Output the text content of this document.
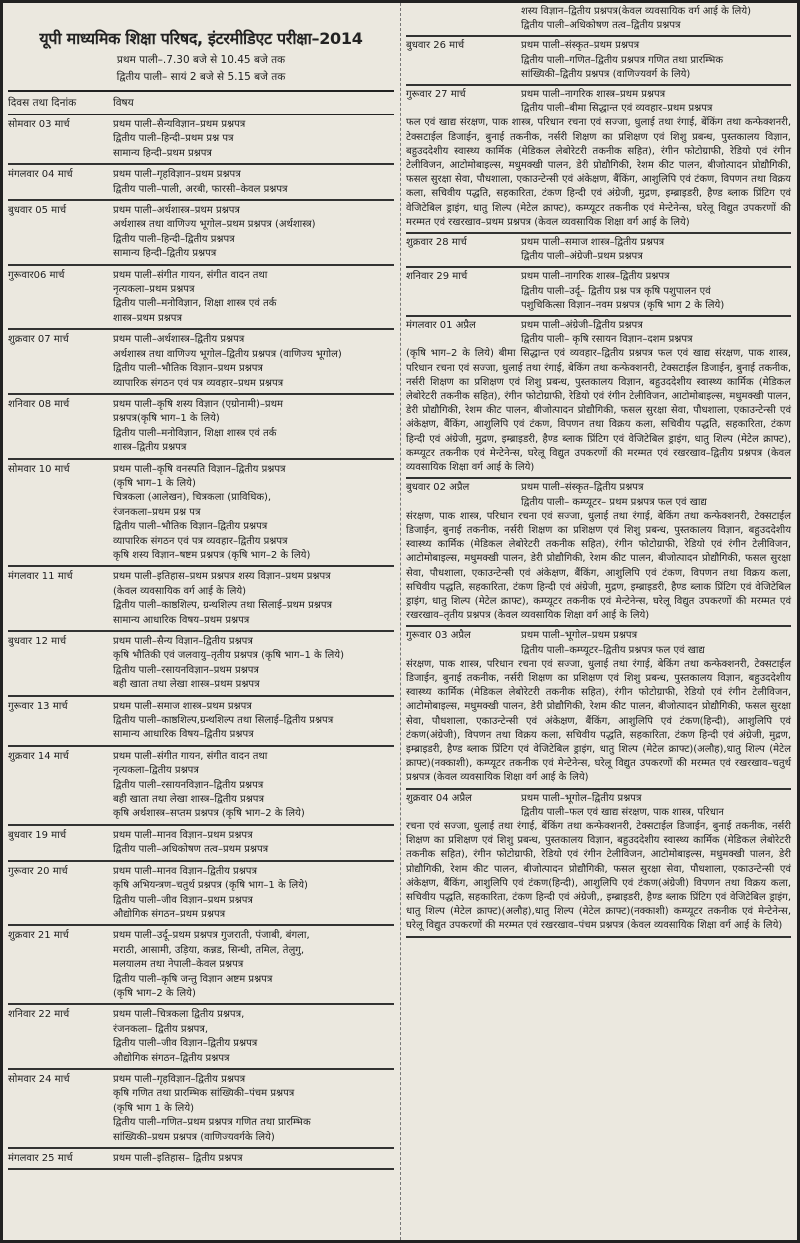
यूपी माध्यमिक शिक्षा परिषद, इंटरमीडिएट परीक्षा–2014
प्रथम पाली–.7.30 बजे से 10.45 बजे तक
द्वितीय पाली– सायं 2 बजे से 5.15 बजे तक
दिवस तथा दिनांक	विषय
सोमवार 03 मार्च	प्रथम पाली–सैन्यविज्ञान–प्रथम प्रश्नपत्र
द्वितीय पाली–हिन्दी–प्रथम प्रश्न पत्र
सामान्य हिन्दी–प्रथम प्रश्नपत्र
मंगलवार 04 मार्च	प्रथम पाली–गृहविज्ञान–प्रथम प्रश्नपत्र
द्वितीय पाली–पाली, अरबी, फारसी–केवल प्रश्नपत्र
बुधवार 05 मार्च	प्रथम पाली–अर्थशास्त्र–प्रथम प्रश्नपत्र
अर्थशास्त्र तथा वाणिज्य भूगोल–प्रथम प्रश्नपत्र (अर्थशास्त्र)
द्वितीय पाली–हिन्दी–द्वितीय प्रश्नपत्र
सामान्य हिन्दी–द्वितीय प्रश्नपत्र
गुरूवार06 मार्च	प्रथम पाली–संगीत गायन, संगीत वादन तथा
नृत्यकला–प्रथम प्रश्नपत्र
द्वितीय पाली–मनोविज्ञान, शिक्षा शास्त्र एवं तर्क
शास्त्र–प्रथम प्रश्नपत्र
शुक्रवार 07 मार्च	प्रथम पाली–अर्थशास्त्र–द्वितीय प्रश्नपत्र
अर्थशास्त्र तथा वाणिज्य भूगोल–द्वितीय प्रश्नपत्र (वाणिज्य भूगोल)
द्वितीय पाली–भौतिक विज्ञान–प्रथम प्रश्नपत्र
व्यापारिक संगठन एवं पत्र व्यवहार–प्रथम प्रश्नपत्र
शनिवार 08 मार्च	प्रथम पाली–कृषि शस्य विज्ञान (एग्रोनामी)–प्रथम
प्रश्नपत्र(कृषि भाग–1 के लिये)
द्वितीय पाली–मनोविज्ञान, शिक्षा शास्त्र एवं तर्क
शास्त्र–द्वितीय प्रश्नपत्र
सोमवार 10 मार्च	प्रथम पाली–कृषि वनस्पति विज्ञान–द्वितीय प्रश्नपत्र
(कृषि भाग–1 के लिये)
चित्रकला (आलेखन), चित्रकला (प्राविधिक),
रंजनकला–प्रथम प्रश्न पत्र
द्वितीय पाली–भौतिक विज्ञान–द्वितीय प्रश्नपत्र
व्यापारिक संगठन एवं पत्र व्यवहार–द्वितीय प्रश्नपत्र
कृषि शस्य विज्ञान–षष्टम प्रश्नपत्र (कृषि भाग–2 के लिये)
मंगलवार 11 मार्च	प्रथम पाली–इतिहास–प्रथम प्रश्नपत्र शस्य विज्ञान–प्रथम प्रश्नपत्र
(केवल व्यवसायिक वर्ग आई के लिये)
द्वितीय पाली–काष्ठशिल्प, ग्रन्थशिल्प तथा सिलाई–प्रथम प्रश्नपत्र
सामान्य आधारिक विषय–प्रथम प्रश्नपत्र
बुधवार 12 मार्च	प्रथम पाली–सैन्य विज्ञान–द्वितीय प्रश्नपत्र
कृषि भौतिकी एवं जलवायु–तृतीय प्रश्नपत्र (कृषि भाग–1 के लिये)
द्वितीय पाली–रसायनविज्ञान–प्रथम प्रश्नपत्र
बही खाता तथा लेखा शास्त्र–प्रथम प्रश्नपत्र
गुरूवार 13 मार्च	प्रथम पाली–समाज शास्त्र–प्रथम प्रश्नपत्र
द्वितीय पाली–काष्ठशिल्प,ग्रन्थशिल्प तथा सिलाई–द्वितीय प्रश्नपत्र
सामान्य आधारिक विषय–द्वितीय प्रश्नपत्र
शुक्रवार 14 मार्च	प्रथम पाली–संगीत गायन, संगीत वादन तथा
नृत्यकला–द्वितीय प्रश्नपत्र
द्वितीय पाली–रसायनविज्ञान–द्वितीय प्रश्नपत्र
बही खाता तथा लेखा शास्त्र–द्वितीय प्रश्नपत्र
कृषि अर्थशास्त्र–सप्तम प्रश्नपत्र (कृषि भाग–2 के लिये)
बुधवार 19 मार्च	प्रथम पाली–मानव विज्ञान–प्रथम प्रश्नपत्र
द्वितीय पाली–अधिकोषण तत्व–प्रथम प्रश्नपत्र
गुरूवार 20 मार्च	प्रथम पाली–मानव विज्ञान–द्वितीय प्रश्नपत्र
कृषि अभियन्त्रण–चतुर्थ प्रश्नपत्र (कृषि भाग–1 के लिये)
द्वितीय पाली–जीव विज्ञान–प्रथम प्रश्नपत्र
औद्योगिक संगठन–प्रथम प्रश्नपत्र
शुक्रवार 21 मार्च	प्रथम पाली–उर्दू–प्रथम प्रश्नपत्र गुजराती, पंजाबी, बंगला,
मराठी, आसामी, उड़िया, कन्नड, सिन्धी, तमिल, तेलुगु,
मलयालम तथा नेपाली–केवल प्रश्नपत्र
द्वितीय पाली–कृषि जन्तु विज्ञान अष्टम प्रश्नपत्र
(कृषि भाग–2 के लिये)
शनिवार 22 मार्च	प्रथम पाली–चित्रकला द्वितीय प्रश्नपत्र,
रंजनकला– द्वितीय प्रश्नपत्र,
द्वितीय पाली–जीव विज्ञान–द्वितीय प्रश्नपत्र
औद्योगिक संगठन–द्वितीय प्रश्नपत्र
सोमवार 24 मार्च	प्रथम पाली–गृहविज्ञान–द्वितीय प्रश्नपत्र
कृषि गणित तथा प्रारम्भिक सांख्यिकी–पंचम प्रश्नपत्र
(कृषि भाग 1 के लिये)
द्वितीय पाली–गणित–प्रथम प्रश्नपत्र गणित तथा प्रारम्भिक
सांख्यिकी–प्रथम प्रश्नपत्र (वाणिज्यवर्गके लिये)
मंगलवार 25 मार्च	प्रथम पाली–इतिहास– द्वितीय प्रश्नपत्र
शस्य विज्ञान–द्वितीय प्रश्नपत्र(केवल व्यवसायिक वर्ग आई के लिये)
द्वितीय पाली–अधिकोषण तत्व–द्वितीय प्रश्नपत्र
बुधवार 26 मार्च	प्रथम पाली–संस्कृत–प्रथम प्रश्नपत्र
द्वितीय पाली–गणित–द्वितीय प्रश्नपत्र गणित तथा प्रारम्भिक
सांख्यिकी–द्वितीय प्रश्नपत्र (वाणिज्यवर्ग के लिये)
गुरूवार 27 मार्च	प्रथम पाली–नागरिक शास्त्र–प्रथम प्रश्नपत्र
द्वितीय पाली–बीमा सिद्धान्त एवं व्यवहार–प्रथम प्रश्नपत्र
फल एवं खाद्य संरक्षण, पाक शास्त्र, परिधान रचना एवं सज्जा, धुलाई तथा रंगाई, बेंकिंग तथा कन्फेक्शनरी, टेक्सटाईल डिजाईन, बुनाई तकनीक, नर्सरी शिक्षण का प्रशिक्षण एवं शिशु प्रबन्ध, पुस्तकालय विज्ञान, बहुउददेशीय स्वास्थ्य कार्मिक (मेडिकल लेबोरेटरी तकनीक सहित), रंगीन फोटोग्राफी, रेडियो एवं रंगीन टेलीविजन, आटोमोबाइल्स, मधुमक्खी पालन, डेरी प्रोद्यौगिकी, रेशम कीट पालन, बीजोत्पादन प्रोद्यौगिकी, फसल सुरक्षा सेवा, पौधशाला, एकाउन्टेन्सी एवं अंकेक्षण, बैंकिंग, आशुलिपि एवं टंकण, विपणन तथा विक्रय कला, सचिवीय पद्धति, सहकारिता, टंकण हिन्दी एवं अंग्रेजी, मुद्रण, इम्ब्राइडरी, हैण्ड ब्लाक प्रिंटिग एवं वेजिटेबिल ड्राइंग, धातु शिल्प (मेटेल क्राफ्ट), कम्प्यूटर तकनीक एवं मेन्टेनेन्स, घरेलू विद्युत उपकरणों की मरम्मत एवं रखरखाव–प्रथम प्रश्नपत्र (केवल व्यवसायिक शिक्षा वर्ग आई के लिये)
शुक्रवार 28 मार्च	प्रथम पाली–समाज शास्त्र–द्वितीय प्रश्नपत्र
द्वितीय पाली–अंग्रेजी–प्रथम प्रश्नपत्र
शनिवार 29 मार्च	प्रथम पाली–नागरिक शास्त्र–द्वितीय प्रश्नपत्र
द्वितीय पाली–उर्दू– द्वितीय प्रश्न पत्र कृषि पशुपालन एवं
पशुचिकित्सा विज्ञान–नवम प्रश्नपत्र (कृषि भाग 2 के लिये)
मंगलवार 01 अप्रैल	प्रथम पाली–अंग्रेजी–द्वितीय प्रश्नपत्र
द्वितीय पाली– कृषि रसायन विज्ञान–दशम प्रश्नपत्र
(कृषि भाग–2 के लिये) बीमा सिद्धान्त एवं व्यवहार–द्वितीय प्रश्नपत्र फल एवं खाद्य संरक्षण, पाक शास्त्र, परिधान रचना एवं सज्जा, धुलाई तथा रंगाई, बेकिंग तथा कन्फेक्शनरी, टेक्सटाईल डिजाईन, बुनाई तकनीक, नर्सरी शिक्षण का प्रशिक्षण एवं शिशु प्रबन्ध, पुस्तकालय विज्ञान, बहुउददेशीय स्वास्थ्य कार्मिक (मेडिकल लेबोरेटरी तकनीक सहित), रंगीन फोटोग्राफी, रेडियो एवं रंगीन टेलीविजन, आटोमोबाइल्स, मधुमक्खी पालन, डेरी प्रोद्यौगिकी, रेशम कीट पालन, बीजोत्पादन प्रोद्यौगिकी, फसल सुरक्षा सेवा, पौधशाला, एकाउन्टेन्सी एवं अंकेक्षण, बैंकिंग, आशुलिपि एवं टंकण, विपणन तथा विक्रय कला, सचिवीय पद्धति, सहकारिता, टंकण हिन्दी एवं अंग्रेजी, मुद्रण, इम्ब्राइडरी, हैण्ड ब्लाक प्रिंटिग एवं वेजिटेबिल ड्राइंग, धातु शिल्प (मेटेल क्राफ्ट), कम्प्यूटर तकनीक एवं मेन्टेनेन्स, घरेलू विद्युत उपकरणों की मरम्मत एवं रखरखाव–द्वितीय प्रश्नपत्र (केवल व्यवसायिक शिक्षा वर्ग आई के लिये)
बुधवार 02 अप्रैल	प्रथम पाली–संस्कृत–द्वितीय प्रश्नपत्र
द्वितीय पाली– कम्प्यूटर– प्रथम प्रश्नपत्र फल एवं खाद्य
संरक्षण, पाक शास्त्र, परिधान रचना एवं सज्जा, धुलाई तथा रंगाई, बेकिंग तथा कन्फेक्शनरी, टेक्सटाईल डिजाईन, बुनाई तकनीक, नर्सरी शिक्षण का प्रशिक्षण एवं शिशु प्रबन्ध, पुस्तकालय विज्ञान, बहुउददेशीय स्वास्थ्य कार्मिक (मेडिकल लेबोरेटरी तकनीक सहित), रंगीन फोटोग्राफी, रेडियो एवं रंगीन टेलीविजन, आटोमोबाइल्स, मधुमक्खी पालन, डेरी प्रोद्यौगिकी, रेशम कीट पालन, बीजोत्पादन प्रोद्यौगिकी, फसल सुरक्षा सेवा, पौधशाला, एकाउन्टेन्सी एवं अंकेक्षण, बैंकिंग, आशुलिपि एवं टंकण, विपणन तथा विक्रय कला, सचिवीय पद्धति, सहकारिता, टंकण हिन्दी एवं अंग्रेजी, मुद्रण, इम्ब्राइडरी, हैण्ड ब्लाक प्रिंटिग एवं वेजिटेबिल ड्राइंग, धातु शिल्प (मेटेल क्राफ्ट), कम्प्यूटर तकनीक एवं मेन्टेनेन्स, घरेलू विद्युत उपकरणों की मरम्मत एवं रखरखाव–तृतीय प्रश्नपत्र (केवल व्यवसायिक शिक्षा वर्ग आई के लिये)
गुरूवार 03 अप्रैल	प्रथम पाली–भूगोल–प्रथम प्रश्नपत्र
द्वितीय पाली–कम्प्यूटर–द्वितीय प्रश्नपत्र फल एवं खाद्य
संरक्षण, पाक शास्त्र, परिधान रचना एवं सज्जा, धुलाई तथा रंगाई, बेकिंग तथा कन्फेक्शनरी, टेक्सटाईल डिजाईन, बुनाई तकनीक, नर्सरी शिक्षण का प्रशिक्षण एवं शिशु प्रबन्ध, पुस्तकालय विज्ञान, बहुउददेशीय स्वास्थ्य कार्मिक (मेडिकल लेबोरेटरी तकनीक सहित), रंगीन फोटोग्राफी, रेडियो एवं रंगीन टेलीविजन, आटोमोबाइल्स, मधुमक्खी पालन, डेरी प्रोद्यौगिकी, रेशम कीट पालन, बीजोत्पादन प्रोद्यौगिकी, फसल सुरक्षा सेवा, पौधशाला, एकाउन्टेन्सी एवं अंकेक्षण, बैंकिंग, आशुलिपि एवं टंकण(हिन्दी), आशुलिपि एवं टंकण(अंग्रेजी), विपणन तथा विक्रय कला, सचिवीय पद्धति, सहकारिता, टंकण हिन्दी एवं अंग्रेजी, मुद्रण, इम्ब्राइडरी, हैण्ड ब्लाक प्रिंटिग एवं वेजिटेबिल ड्राइंग, धातु शिल्प (मेटेल क्राफ्ट)(अलौह),धातु शिल्प (मेटेल क्राफ्ट)(नक्काशी), कम्प्यूटर तकनीक एवं मेन्टेनेन्स, घरेलू विद्युत उपकरणों की मरम्मत एवं रखरखाव–चतुर्थ प्रश्नपत्र (केवल व्यवसायिक शिक्षा वर्ग आई के लिये)
शुक्रवार 04 अप्रैल	प्रथम पाली–भूगोल–द्वितीय प्रश्नपत्र
द्वितीय पाली–फल एवं खाद्य संरक्षण, पाक शास्त्र, परिधान
रचना एवं सज्जा, धुलाई तथा रंगाई, बेंकिंग तथा कन्फेक्शनरी, टेक्सटाईल डिजाईन, बुनाई तकनीक, नर्सरी शिक्षण का प्रशिक्षण एवं शिशु प्रबन्ध, पुस्तकालय विज्ञान, बहुउददेशीय स्वास्थ्य कार्मिक (मेडिकल लेबोरेटरी तकनीक सहित), रंगीन फोटोग्राफी, रेडियो एवं रंगीन टेलीविजन, आटोमोबाइल्स, मधुमक्खी पालन, डेरी प्रोद्यौगिकी, रेशम कीट पालन, बीजोत्पादन प्रोद्यौगिकी, फसल सुरक्षा सेवा, पौधशाला, एकाउन्टेन्सी एवं अंकेक्षण, बैंकिंग, आशुलिपि एवं टंकण(हिन्दी), आशुलिपि एवं टंकण(अंग्रेजी) विपणन तथा विक्रय कला, सचिवीय पद्धति, सहकारिता, टंकण हिन्दी एवं अंग्रेजी,, इम्ब्राइडरी, हैण्ड ब्लाक प्रिंटिग एवं वेजिटेबिल ड्राइंग, धातु शिल्प (मेटेल क्राफ्ट)(अलौह),धातु शिल्प (मेटेल क्राफ्ट)(नक्काशी) कम्प्यूटर तकनीक एवं मेन्टेनेन्स, घरेलू विद्युत उपकरणों की मरम्मत एवं रखरखाव–पंचम प्रश्नपत्र (केवल व्यवसायिक शिक्षा वर्ग आई के लिये)
